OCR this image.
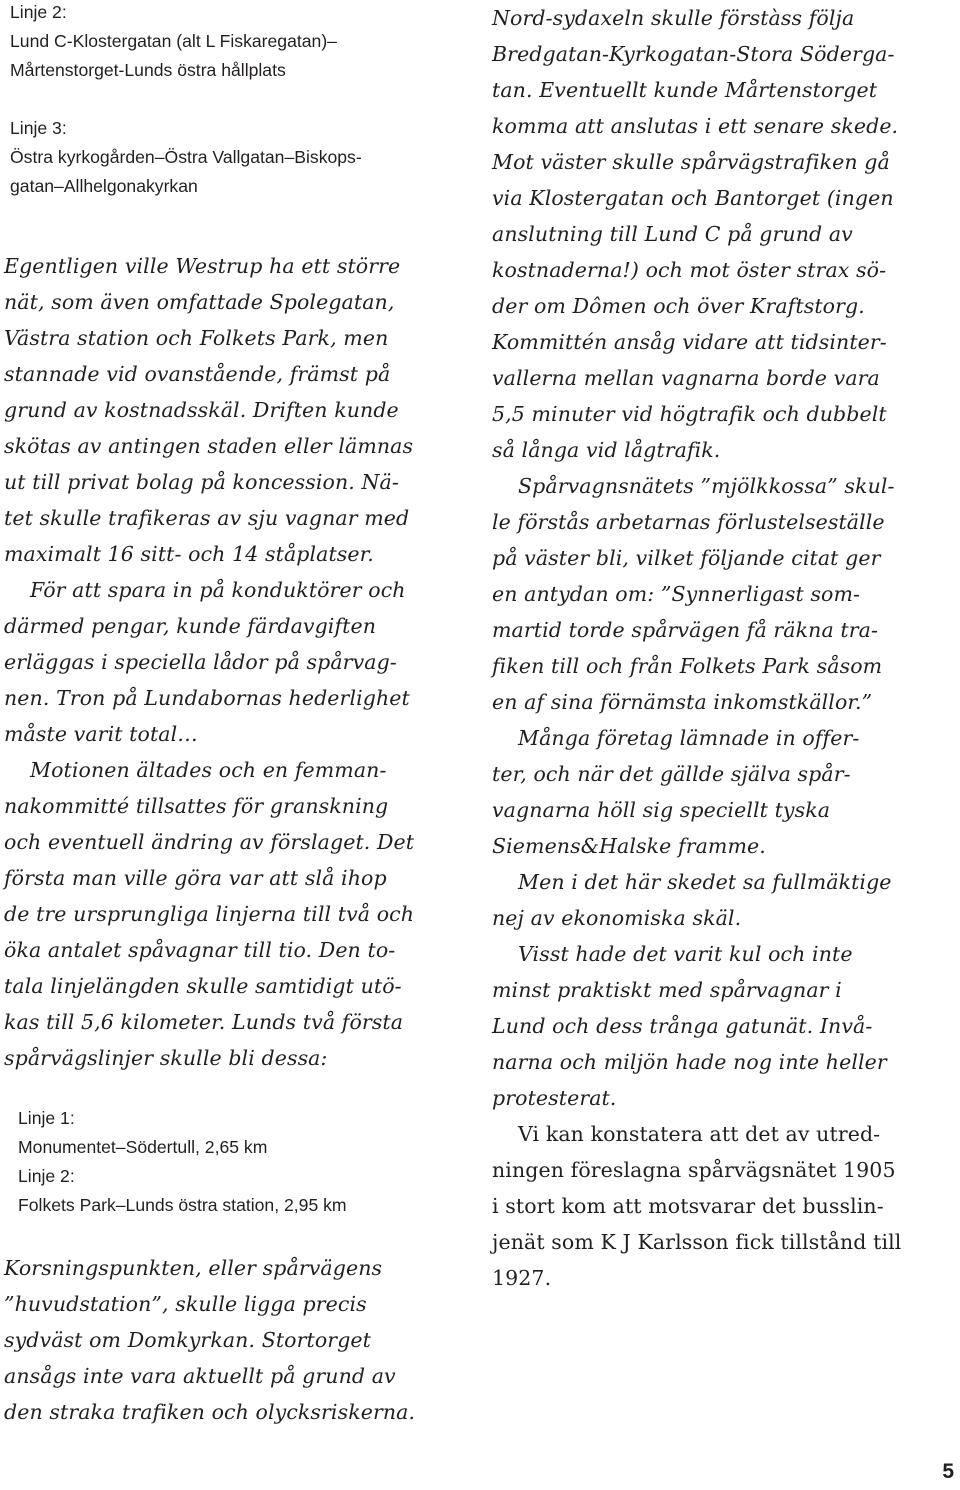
Linje 2:
Lund C-Klostergatan (alt L Fiskaregatan)–
Mårtenstorget-Lunds östra hållplats
Linje 3:
Östra kyrkogården–Östra Vallgatan–Biskops-
gatan–Allhelgonakyrkan
Egentligen ville Westrup ha ett större
nät, som även omfattade Spolegatan,
Västra station och Folkets Park, men
stannade vid ovanstående, främst på
grund av kostnadsskäl. Driften kunde
skötas av antingen staden eller lämnas
ut till privat bolag på koncession. Nä-
tet skulle trafikeras av sju vagnar med
maximalt 16 sitt- och 14 ståplatser.
För att spara in på konduktörer och
därmed pengar, kunde färdavgiften
erläggas i speciella lådor på spårvag-
nen. Tron på Lundabornas hederlighet
måste varit total…
Motionen ältades och en femman-
nakommitté tillsattes för granskning
och eventuell ändring av förslaget. Det
första man ville göra var att slå ihop
de tre ursprungliga linjerna till två och
öka antalet spåvagnar till tio. Den to-
tala linjelängden skulle samtidigt utö-
kas till 5,6 kilometer. Lunds två första
spårvägslinjer skulle bli dessa:
Linje 1:
Monumentet–Södertull, 2,65 km
Linje 2:
Folkets Park–Lunds östra station, 2,95 km
Korsningspunkten, eller spårvägens
”huvudstation”, skulle ligga precis
sydväst om Domkyrkan. Stortorget
ansågs inte vara aktuellt på grund av
den straka trafiken och olycksriskerna.
Nord-sydaxeln skulle förstàss följa
Bredgatan-Kyrkogatan-Stora Södergа-
tan. Eventuellt kunde Mårtenstorget
komma att anslutas i ett senare skede.
Mot väster skulle spårvägstrafiken gå
via Klostergatan och Bantorget (ingen
anslutning till Lund C på grund av
kostnaderna!) och mot öster strax sö-
der om Dômen och över Kraftstorg.
Kommittén ansåg vidare att tidsinter-
vallerna mellan vagnarna borde vara
5,5 minuter vid högtrafik och dubbelt
så långa vid lågtrafik.
Spårvagnsnätets ”mjölkkossa” skul-
le förstås arbetarnas förlustelseställe
på väster bli, vilket följande citat ger
en antydan om: ”Synnerligast som-
martid torde spårvägen få räkna tra-
fiken till och från Folkets Park såsom
en af sina förnämsta inkomstkällor.”
Många företag lämnade in offer-
ter, och när det gällde själva spår-
vagnarna höll sig speciellt tyska
Siemens&Halske framme.
Men i det här skedet sa fullmäktige
nej av ekonomiska skäl.
Visst hade det varit kul och inte
minst praktiskt med spårvagnar i
Lund och dess trånga gatunät. Invå-
narna och miljön hade nog inte heller
protesterat.
Vi kan konstatera att det av utred-
ningen föreslagna spårvägsnätet 1905
i stort kom att motsvarar det busslin-
jenät som K J Karlsson fick tillstånd till
1927.
5
